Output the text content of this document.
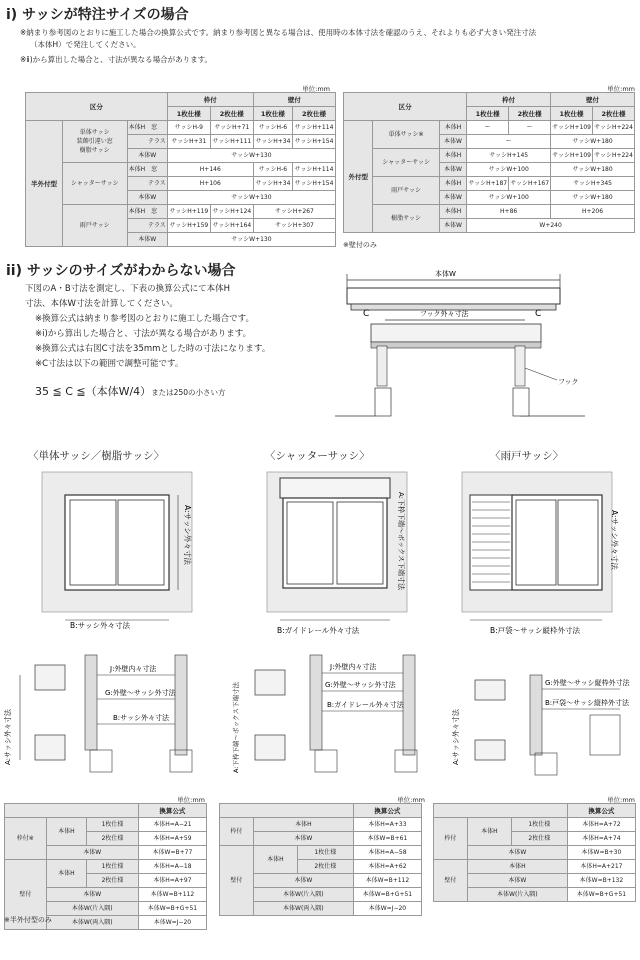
i) サッシが特注サイズの場合
※納まり参考図のとおりに施工した場合の換算公式です。納まり参考図と異なる場合は、使用時の本体寸法を確認のうえ、それよりも必ず大きい発注寸法
（本体H）で発注してください。
※ⅱ)から算出した場合と、寸法が異なる場合があります。
単位:mm
区分			枠付		壁付	
			1枚仕様	2枚仕様	1枚仕様	2枚仕様
半外付型	単体サッシ
装飾引違い窓
樹脂サッシ	本体H　 窓	サッシH-9	サッシH+71	サッシH-6	サッシH+114
		テラス	サッシH+31	サッシH+111	サッシH+34	サッシH+154
		本体W	サッシW+130			
	シャッターサッシ	本体H　 窓	H+146		サッシH-6	サッシH+114
		テラス	H+106		サッシH+34	サッシH+154
		本体W	サッシW+130			
	雨戸サッシ	本体H　 窓	サッシH+119	サッシH+124	サッシH+267	
		テラス	サッシH+159	サッシH+164	サッシH+307	
		本体W	サッシW+130			
単位:mm
区分			枠付		壁付	
			1枚仕様	2枚仕様	1枚仕様	2枚仕様
外付型	単体サッシ※	本体H	ー	ー	サッシH+109	サッシH+224
		本体W	ー		サッシW+180	
	シャッターサッシ	本体H	サッシH+145		サッシH+109	サッシH+224
		本体W	サッシW+100		サッシW+180	
	雨戸サッシ	本体H	サッシH+187	サッシH+167	サッシH+345	
		本体W	サッシW+100		サッシW+180	
	樹脂サッシ	本体H	H+86		H+206	
		本体W	W+240			
※壁付のみ
ii) サッシのサイズがわからない場合
下図のA・B寸法を測定し、下表の換算公式にて本体H
寸法、本体W寸法を計算してください。
※換算公式は納まり参考図のとおりに施工した場合です。
※ⅰ)から算出した場合と、寸法が異なる場合があります。
※換算公式は右図C寸法を35mmとした時の寸法になります。
※C寸法は以下の範囲で調整可能です。
35 ≦ C ≦（本体W/4）または250の小さい方
本体W
C	C
フック外々寸法
フック
〈単体サッシ／樹脂サッシ〉	〈シャッターサッシ〉	〈雨戸サッシ〉
A:サッシ外々寸法
B:サッシ外々寸法
A:下枠下端〜ボックス下端寸法
B:ガイドレール外々寸法
A:サッシ外々寸法
B:戸袋〜サッシ縦枠外寸法
A:サッシ外々寸法
J:外壁内々寸法
G:外壁〜サッシ外寸法
B:サッシ外々寸法	A:下枠下端〜ボックス下端寸法
J:外壁内々寸法
G:外壁〜サッシ外寸法
B:ガイドレール外々寸法
A:サッシ外々寸法
G:外壁〜サッシ縦枠外寸法
B:戸袋〜サッシ縦枠外寸法
単位:mm
			換算公式
枠付※	本体H	1枚仕様	本体H=A−21
		2枚仕様	本体H=A+59
	本体W		本体W=B+77
壁付	本体H	1枚仕様	本体H=A−18
		2枚仕様	本体H=A+97
	本体W		本体W=B+112
	本体W(片入隅)		本体W=B+G+51
	本体W(両入隅)		本体W=J−20
※半外付型のみ
単位:mm
			換算公式
枠付	本体H		本体H=A+33
	本体W		本体W=B+61
壁付	本体H	1枚仕様	本体H=A−58
		2枚仕様	本体H=A+62
	本体W		本体W=B+112
	本体W(片入隅)		本体W=B+G+51
	本体W(両入隅)		本体W=J−20
単位:mm
			換算公式
枠付	本体H	1枚仕様	本体H=A+72
		2枚仕様	本体H=A+74
	本体W		本体W=B+30
壁付	本体H		本体H=A+217
	本体W		本体W=B+132
	本体W(片入隅)		本体W=B+G+51
